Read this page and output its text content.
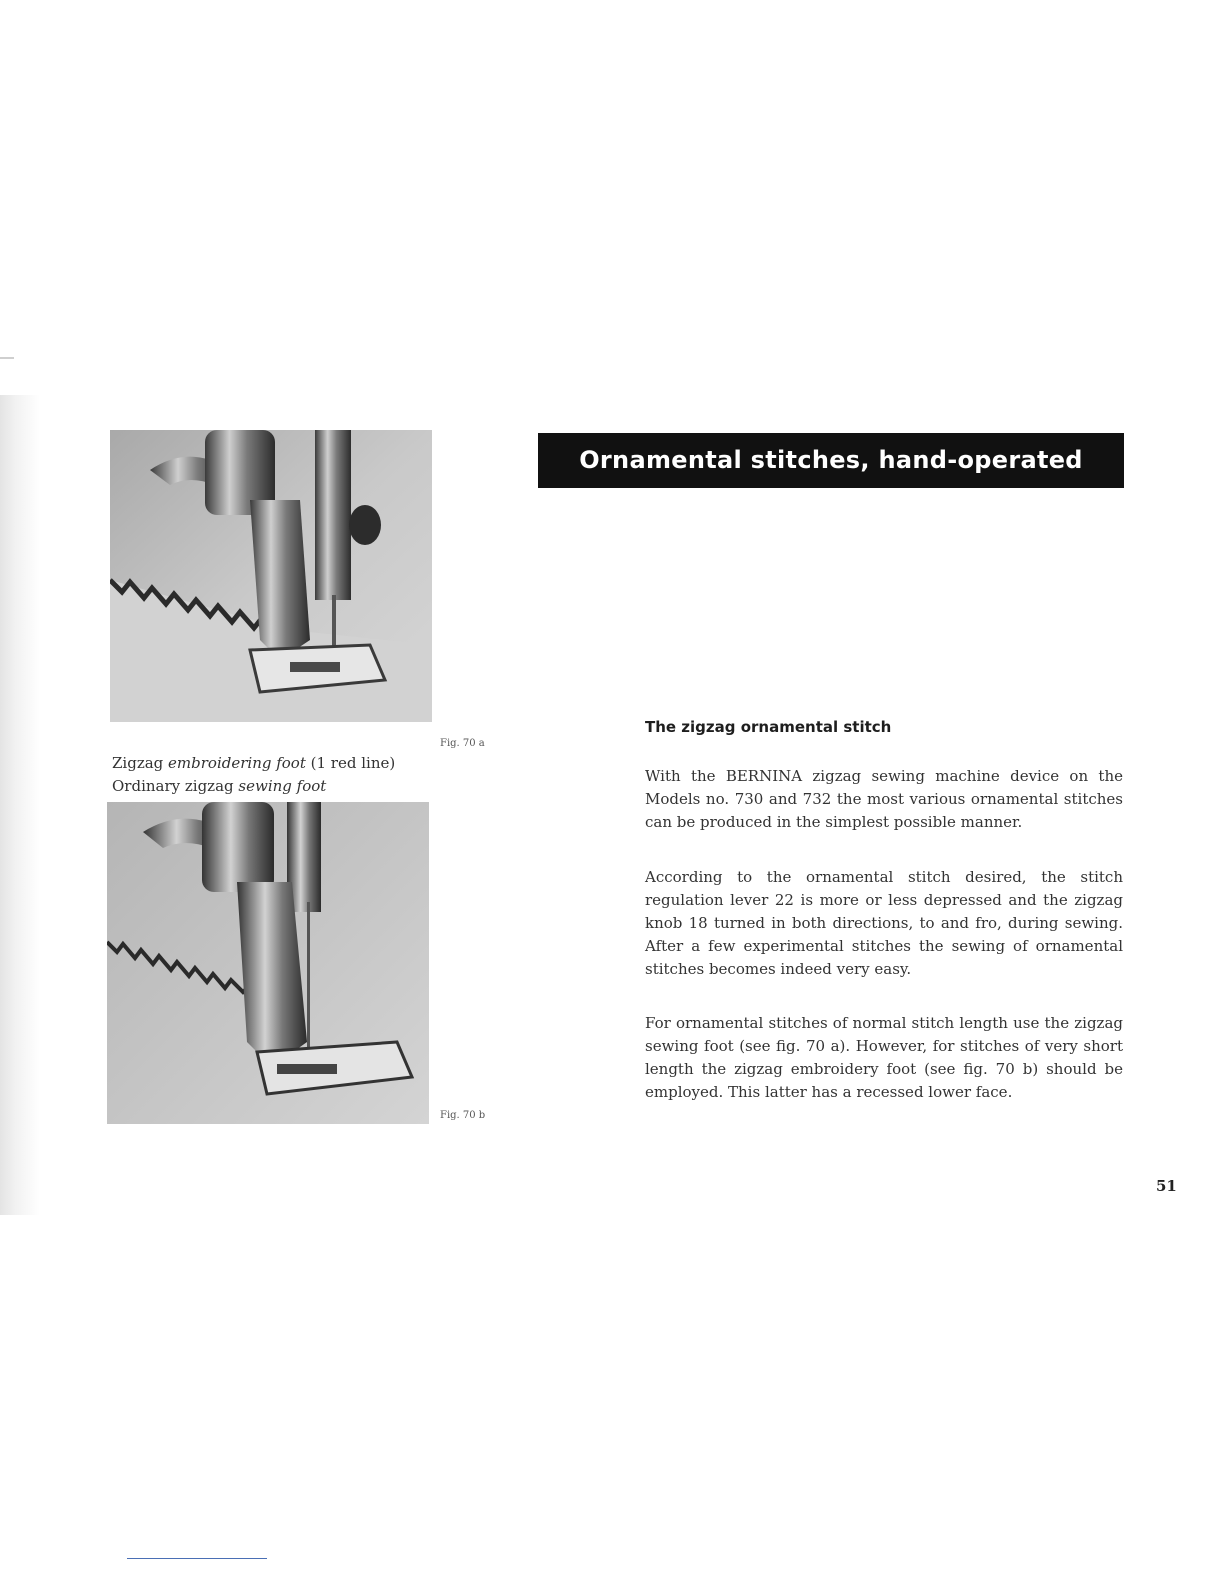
Fig. 70 a
Zigzag embroidering foot (1 red line)
Ordinary zigzag sewing foot
Fig. 70 b
Ornamental stitches, hand-operated
The zigzag ornamental stitch

With the BERNINA zigzag sewing machine device on the Models no. 730 and 732 the most various ornamental stitches can be produced in the simplest possible manner.

According to the ornamental stitch desired, the stitch regulation lever 22 is more or less depressed and the zigzag knob 18 turned in both directions, to and fro, during sewing. After a few experimental stitches the sewing of ornamental stitches becomes indeed very easy.

For ornamental stitches of normal stitch length use the zigzag sewing foot (see fig. 70 a). However, for stitches of very short length the zigzag embroidery foot (see fig. 70 b) should be employed. This latter has a recessed lower face.

51
